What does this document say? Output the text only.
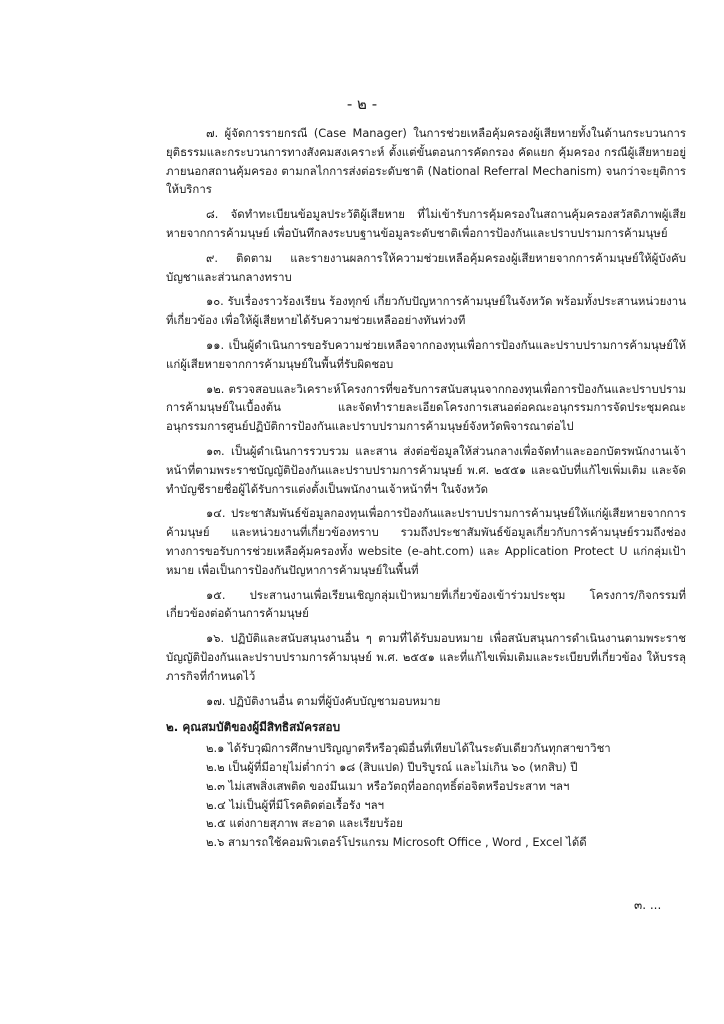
- ๒ -

๗. ผู้จัดการรายกรณี (Case Manager) ในการช่วยเหลือคุ้มครองผู้เสียหายทั้งในด้านกระบวนการยุติธรรมและกระบวนการทางสังคมสงเคราะห์ ตั้งแต่ขั้นตอนการคัดกรอง คัดแยก คุ้มครอง กรณีผู้เสียหายอยู่ภายนอกสถานคุ้มครอง ตามกลไกการส่งต่อระดับชาติ (National Referral Mechanism) จนกว่าจะยุติการให้บริการ

๘. จัดทำทะเบียนข้อมูลประวัติผู้เสียหาย ที่ไม่เข้ารับการคุ้มครองในสถานคุ้มครองสวัสดิภาพผู้เสียหายจากการค้ามนุษย์ เพื่อบันทึกลงระบบฐานข้อมูลระดับชาติเพื่อการป้องกันและปราบปรามการค้ามนุษย์

๙. ติดตาม และรายงานผลการให้ความช่วยเหลือคุ้มครองผู้เสียหายจากการค้ามนุษย์ให้ผู้บังคับบัญชาและส่วนกลางทราบ

๑๐. รับเรื่องราวร้องเรียน ร้องทุกข์ เกี่ยวกับปัญหาการค้ามนุษย์ในจังหวัด พร้อมทั้งประสานหน่วยงานที่เกี่ยวข้อง เพื่อให้ผู้เสียหายได้รับความช่วยเหลืออย่างทันท่วงที

๑๑. เป็นผู้ดำเนินการขอรับความช่วยเหลือจากกองทุนเพื่อการป้องกันและปราบปรามการค้ามนุษย์ให้แก่ผู้เสียหายจากการค้ามนุษย์ในพื้นที่รับผิดชอบ

๑๒. ตรวจสอบและวิเคราะห์โครงการที่ขอรับการสนับสนุนจากกองทุนเพื่อการป้องกันและปราบปรามการค้ามนุษย์ในเบื้องต้น และจัดทำรายละเอียดโครงการเสนอต่อคณะอนุกรรมการจัดประชุมคณะอนุกรรมการศูนย์ปฏิบัติการป้องกันและปราบปรามการค้ามนุษย์จังหวัดพิจารณาต่อไป

๑๓. เป็นผู้ดำเนินการรวบรวม และสาน ส่งต่อข้อมูลให้ส่วนกลางเพื่อจัดทำและออกบัตรพนักงานเจ้าหน้าที่ตามพระราชบัญญัติป้องกันและปราบปรามการค้ามนุษย์ พ.ศ. ๒๕๕๑ และฉบับที่แก้ไขเพิ่มเติม และจัดทำบัญชีรายชื่อผู้ได้รับการแต่งตั้งเป็นพนักงานเจ้าหน้าที่ฯ ในจังหวัด

๑๔. ประชาสัมพันธ์ข้อมูลกองทุนเพื่อการป้องกันและปราบปรามการค้ามนุษย์ให้แก่ผู้เสียหายจากการค้ามนุษย์ และหน่วยงานที่เกี่ยวข้องทราบ รวมถึงประชาสัมพันธ์ข้อมูลเกี่ยวกับการค้ามนุษย์รวมถึงช่องทางการขอรับการช่วยเหลือคุ้มครองทั้ง website (e-aht.com) และ Application Protect U แก่กลุ่มเป้าหมาย เพื่อเป็นการป้องกันปัญหาการค้ามนุษย์ในพื้นที่

๑๕. ประสานงานเพื่อเรียนเชิญกลุ่มเป้าหมายที่เกี่ยวข้องเข้าร่วมประชุม โครงการ/กิจกรรมที่เกี่ยวข้องต่อด้านการค้ามนุษย์

๑๖. ปฏิบัติและสนับสนุนงานอื่น ๆ ตามที่ได้รับมอบหมาย เพื่อสนับสนุนการดำเนินงานตามพระราชบัญญัติป้องกันและปราบปรามการค้ามนุษย์ พ.ศ. ๒๕๕๑ และที่แก้ไขเพิ่มเติมและระเบียบที่เกี่ยวข้อง ให้บรรลุภารกิจที่กำหนดไว้

๑๗. ปฏิบัติงานอื่น ตามที่ผู้บังคับบัญชามอบหมาย

๒. คุณสมบัติของผู้มีสิทธิสมัครสอบ

๒.๑ ได้รับวุฒิการศึกษาปริญญาตรีหรือวุฒิอื่นที่เทียบได้ในระดับเดียวกันทุกสาขาวิชา

๒.๒ เป็นผู้ที่มีอายุไม่ต่ำกว่า ๑๘ (สิบแปด) ปีบริบูรณ์ และไม่เกิน ๖๐ (หกสิบ) ปี

๒.๓ ไม่เสพสิ่งเสพติด ของมึนเมา หรือวัตถุที่ออกฤทธิ์ต่อจิตหรือประสาท ฯลฯ

๒.๔ ไม่เป็นผู้ที่มีโรคติดต่อเรื้อรัง ฯลฯ

๒.๕ แต่งกายสุภาพ สะอาด และเรียบร้อย

๒.๖ สามารถใช้คอมพิวเตอร์โปรแกรม Microsoft Office , Word , Excel ได้ดี

๓. ...
